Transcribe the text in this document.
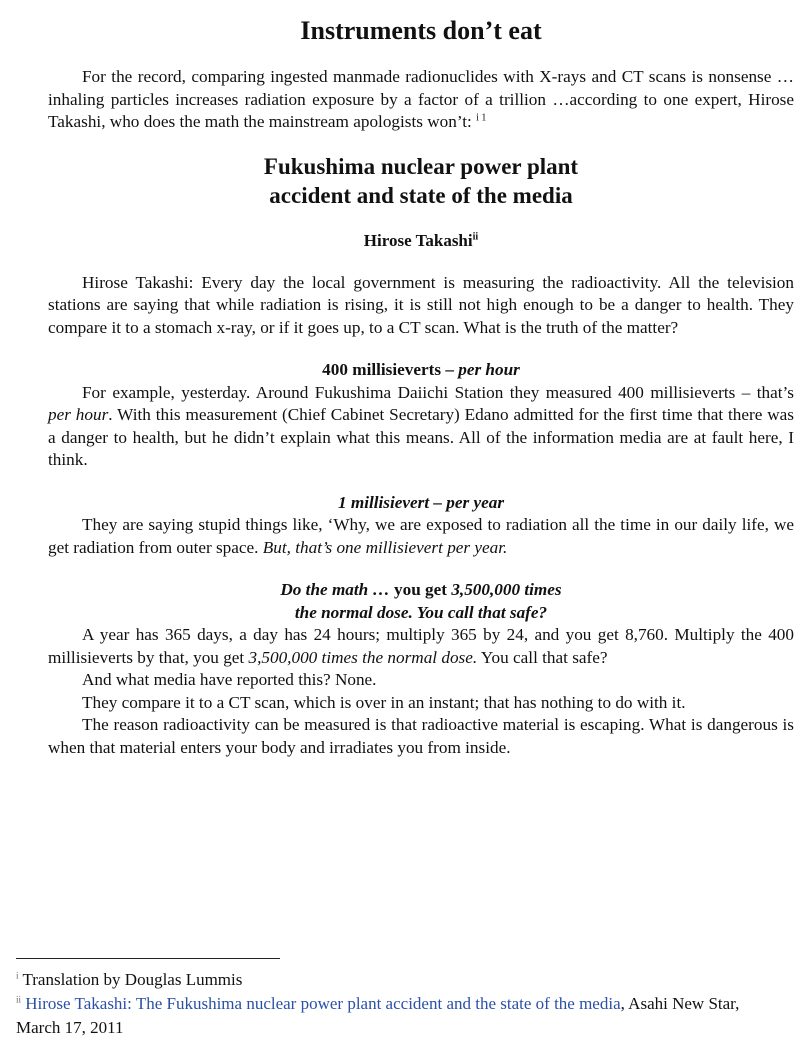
Instruments don’t eat

For the record, comparing ingested manmade radionuclides with X-rays and CT scans is nonsense …inhaling particles increases radiation exposure by a factor of a trillion …according to one expert, Hirose Takashi, who does the math the mainstream apologists won’t: $^{i 1}$

Fukushima nuclear power plant
accident and state of the media
Hirose Takashi$^{ii}$

Hirose Takashi: Every day the local government is measuring the radioactivity. All the television stations are saying that while radiation is rising, it is still not high enough to be a danger to health. They compare it to a stomach x-ray, or if it goes up, to a CT scan. What is the truth of the matter?

400 millisieverts – per hour

For example, yesterday. Around Fukushima Daiichi Station they measured 400 millisieverts – that’s per hour. With this measurement (Chief Cabinet Secretary) Edano admitted for the first time that there was a danger to health, but he didn’t explain what this means. All of the information media are at fault here, I think.

1 millisievert – per year

They are saying stupid things like, ‘Why, we are exposed to radiation all the time in our daily life, we get radiation from outer space. But, that’s one millisievert per year.

Do the math … you get 3,500,000 times
the normal dose. You call that safe?

A year has 365 days, a day has 24 hours; multiply 365 by 24, and you get 8,760. Multiply the 400 millisieverts by that, you get 3,500,000 times the normal dose. You call that safe?

And what media have reported this? None.

They compare it to a CT scan, which is over in an instant; that has nothing to do with it.

The reason radioactivity can be measured is that radioactive material is escaping. What is dangerous is when that material enters your body and irradiates you from inside.

$^i$ Translation by Douglas Lummis
$^{ii}$ Hirose Takashi: The Fukushima nuclear power plant accident and the state of the media, Asahi New Star, March 17, 2011
